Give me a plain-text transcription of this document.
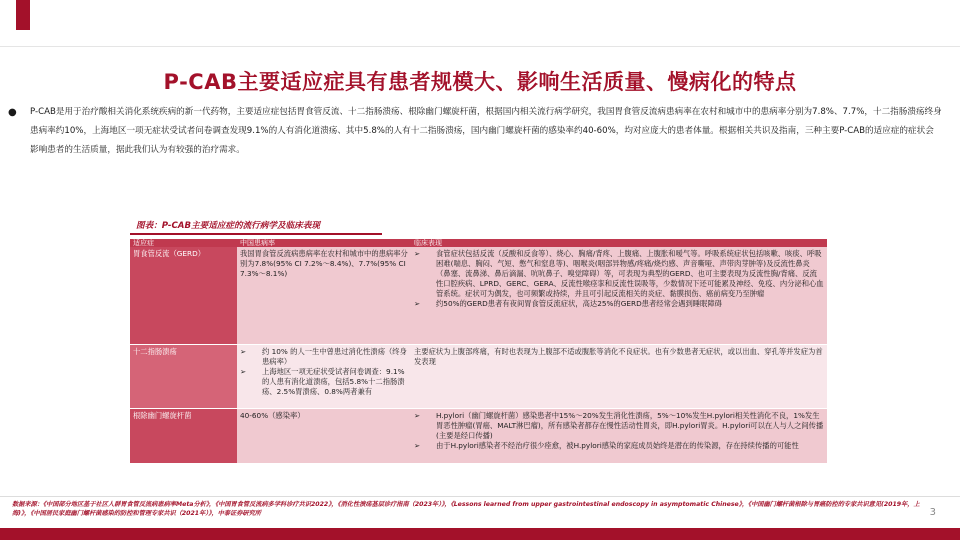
P-CAB主要适应症具有患者规模大、影响生活质量、慢病化的特点
● P-CAB是用于治疗酸相关消化系统疾病的新一代药物，主要适应症包括胃食管反流、十二指肠溃疡、根除幽门螺旋杆菌，根据国内相关流行病学研究，我国胃食管反流病患病率在农村和城市中的患病率分别为7.8%、7.7%，十二指肠溃疡终身患病率约10%，上海地区一项无症状受试者问卷调查发现9.1%的人有消化道溃疡、其中5.8%的人有十二指肠溃疡，国内幽门螺旋杆菌的感染率约40-60%，均对应庞大的患者体量。根据相关共识及指南，三种主要P-CAB的适应症的症状会影响患者的生活质量，据此我们认为有较强的治疗需求。
图表：P-CAB主要适应症的流行病学及临床表现
适应症	中国患病率	临床表现
胃食管反流（GERD）	我国胃食管反流病患病率在农村和城市中的患病率分别为7.8%(95% CI 7.2%～8.4%)、7.7%(95% CI 7.3%～8.1%)	➢ 食管症状包括反流（反酸和反食等）、烧心、胸痛/背疼、上腹痛、上腹胀和嗳气等。呼吸系统症状包括咳嗽、咳痰、呼吸困难(喘息、胸闷、气短、憋气和窒息等)、咽喉炎(咽部异物感/疼痛/烧灼感、声音嘶哑、声带肉芽肿等)及反流性鼻炎（鼻塞、流鼻涕、鼻后滴漏、吭吭鼻子、嗅觉障碍）等，可表现为典型的GERD、也可主要表现为反流性胸/背痛、反流性口腔疾病、LPRD、GERC、GERA、反流性喉痉挛和反流性误吸等，少数情况下还可能累及神经、免疫、内分泌和心血管系统。症状可为偶发，也可频繁或持续，并且可引起反流相关的炎症、黏膜损伤、癌前病变乃至肿瘤
➢ 约50%的GERD患者有夜间胃食管反流症状，高达25%的GERD患者经常会遇到睡眠障碍

十二指肠溃疡	➢ 约 10% 的人一生中曾患过消化性溃疡（终身患病率）
➢ 上海地区一项无症状受试者问卷调查：9.1%的人患有消化道溃疡，包括5.8%十二指肠溃疡、2.5%胃溃疡、0.8%两者兼有	主要症状为上腹部疼痛，有时也表现为上腹部不适或腹胀等消化不良症状。也有少数患者无症状，或以出血、穿孔等并发症为首发表现
根除幽门螺旋杆菌	40-60%（感染率）	➢ H.pylori（幽门螺旋杆菌）感染患者中15%～20%发生消化性溃疡，5%～10%发生H.pylori相关性消化不良，1%发生胃恶性肿瘤(胃癌、MALT淋巴瘤)，所有感染者都存在慢性活动性胃炎，即H.pylori胃炎。H.pylori可以在人与人之间传播(主要是经口传播)
➢ 由于H.pylori感染者不经治疗很少痊愈，被H.pylori感染的家庭成员始终是潜在的传染源，存在持续传播的可能性
数据来源：《中国部分地区基于社区人群胃食管反流病患病率Meta分析》，《中国胃食管反流病多学科诊疗共识2022》，《消化性溃疡基层诊疗指南（2023年）》，《Lessons learned from upper gastrointestinal endoscopy in asymptomatic Chinese》，《中国幽门螺杆菌根除与胃癌防控的专家共识意见(2019年，上海)》，《中国居民家庭幽门螺杆菌感染的防控和管理专家共识（2021年）》，中泰证券研究所	3
